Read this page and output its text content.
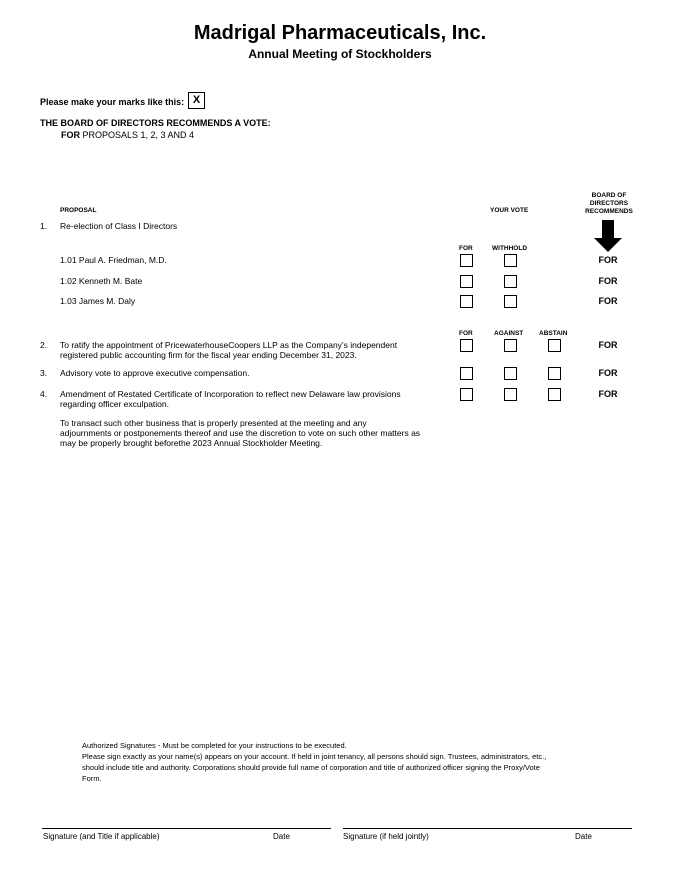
Madrigal Pharmaceuticals, Inc.
Annual Meeting of Stockholders
Please make your marks like this: X
THE BOARD OF DIRECTORS RECOMMENDS A VOTE:
FOR PROPOSALS 1, 2, 3 AND 4
PROPOSAL	YOUR VOTE
BOARD OF
DIRECTORS
RECOMMENDS
1. Re-election of Class I Directors
FOR	WITHHOLD
1.01 Paul A. Friedman, M.D.	FOR
1.02 Kenneth M. Bate	FOR
1.03 James M. Daly	FOR
FOR	AGAINST ABSTAIN
2. To ratify the appointment of PricewaterhouseCoopers LLP as the Company’s independent
registered public accounting firm for the fiscal year ending December 31, 2023.
FOR
3. Advisory vote to approve executive compensation.	FOR
4. Amendment of Restated Certificate of Incorporation to reflect new Delaware law provisions
regarding officer exculpation.
FOR
To transact such other business that is properly presented at the meeting and any
adjournments or postponements thereof and use the discretion to vote on such other matters as
may be properly brought beforethe 2023 Annual Stockholder Meeting.
Authorized Signatures - Must be completed for your instructions to be executed.
Please sign exactly as your name(s) appears on your account. If held in joint tenancy, all persons should sign. Trustees, administrators, etc.,
should include title and authority. Corporations should provide full name of corporation and title of authorized officer signing the Proxy/Vote
Form.
Signature (and Title if applicable)	Date	Signature (if held jointly)	Date
